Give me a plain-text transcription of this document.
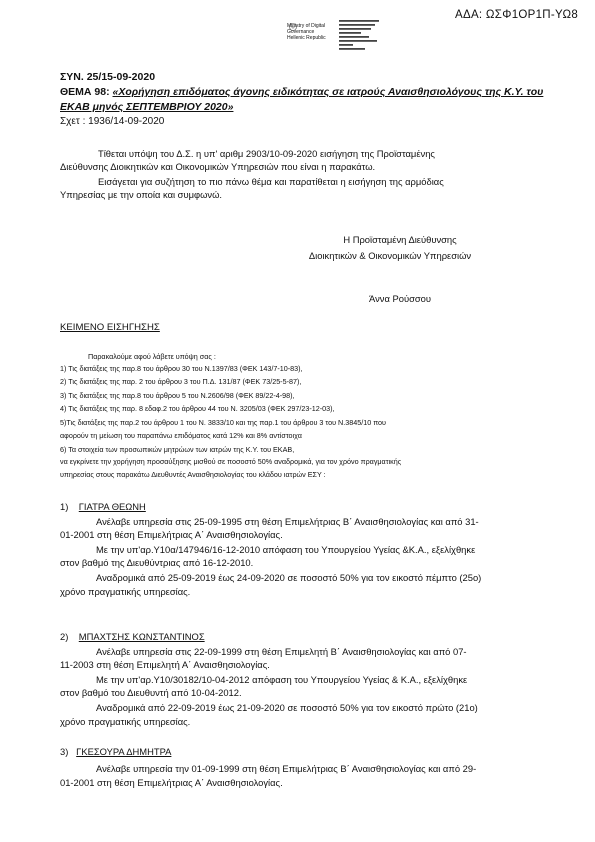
ΑΔΑ: ΩΣΦ1ΟΡ1Π-ΥΩ8
Ministry of Digital
Governance
Hellenic Republic
ΣΥΝ. 25/15-09-2020
ΘΕΜΑ 98: «Χορήγηση επιδόματος άγονης ειδικότητας σε ιατρούς Αναισθησιολόγους της Κ.Υ. του
ΕΚΑΒ μηνός ΣΕΠΤΕΜΒΡΙΟΥ 2020»
Σχετ : 1936/14-09-2020
Τίθεται υπόψη του Δ.Σ. η υπ' αριθμ 2903/10-09-2020 εισήγηση της Προϊσταμένης
Διεύθυνσης Διοικητικών και Οικονομικών Υπηρεσιών που είναι η παρακάτω.
Εισάγεται για συζήτηση το πιο πάνω θέμα και παρατίθεται η εισήγηση της αρμόδιας
Υπηρεσίας με την οποία και συμφωνώ.
Η Προϊσταμένη Διεύθυνσης
Διοικητικών & Οικονομικών Υπηρεσιών
Άννα Ρούσσου
ΚΕΙΜΕΝΟ ΕΙΣΗΓΗΣΗΣ
Παρακαλούμε αφού λάβετε υπόψη σας :
1) Τις διατάξεις της παρ.8 του άρθρου 30 του Ν.1397/83 (ΦΕΚ 143/7-10-83),
2) Τις διατάξεις της παρ. 2 του άρθρου 3 του Π.Δ. 131/87 (ΦΕΚ 73/25-5-87),
3) Τις διατάξεις της παρ.8 του άρθρου 5 του Ν.2606/98 (ΦΕΚ 89/22-4-98),
4) Τις διατάξεις της παρ. 8 εδαφ.2 του άρθρου 44 του Ν. 3205/03 (ΦΕΚ 297/23-12-03),
5)Τις διατάξεις της παρ.2 του άρθρου 1 του Ν. 3833/10 και της παρ.1 του άρθρου 3 του Ν.3845/10 που
αφορούν τη μείωση του παραπάνω επιδόματος κατά 12% και 8% αντίστοιχα
6) Τα στοιχεία των προσωπικών μητρώων των ιατρών της Κ.Υ. του ΕΚΑΒ,
να εγκρίνετε την χορήγηση προσαύξησης μισθού σε ποσοστό 50% αναδρομικά, για τον χρόνο πραγματικής
υπηρεσίας στους παρακάτω Διευθυντές Αναισθησιολογίας του κλάδου ιατρών ΕΣΥ :
1) ΓΙΑΤΡΑ ΘΕΩΝΗ
Ανέλαβε υπηρεσία στις 25-09-1995 στη θέση Επιμελήτριας Β΄ Αναισθησιολογίας και από 31-
01-2001 στη θέση Επιμελήτριας Α΄ Αναισθησιολογίας.
Με την υπ'αρ.Υ10α/147946/16-12-2010 απόφαση του Υπουργείου Υγείας &Κ.Α., εξελίχθηκε
στον βαθμό της Διευθύντριας από 16-12-2010.
Αναδρομικά από 25-09-2019 έως 24-09-2020 σε ποσοστό 50% για τον εικοστό πέμπτο (25ο)
χρόνο πραγματικής υπηρεσίας.
2) ΜΠΑΧΤΣΗΣ ΚΩΝΣΤΑΝΤΙΝΟΣ
Ανέλαβε υπηρεσία στις 22-09-1999 στη θέση Επιμελητή Β΄ Αναισθησιολογίας και από 07-
11-2003 στη θέση Επιμελητή Α΄ Αναισθησιολογίας.
Με την υπ'αρ.Υ10/30182/10-04-2012 απόφαση του Υπουργείου Υγείας & Κ.Α., εξελίχθηκε
στον βαθμό του Διευθυντή από 10-04-2012.
Αναδρομικά από 22-09-2019 έως 21-09-2020 σε ποσοστό 50% για τον εικοστό πρώτο (21ο)
χρόνο πραγματικής υπηρεσίας.
3) ΓΚΕΣΟΥΡΑ ΔΗΜΗΤΡΑ
Ανέλαβε υπηρεσία την 01-09-1999 στη θέση Επιμελήτριας Β΄ Αναισθησιολογίας και από 29-
01-2001 στη θέση Επιμελήτριας Α΄ Αναισθησιολογίας.
